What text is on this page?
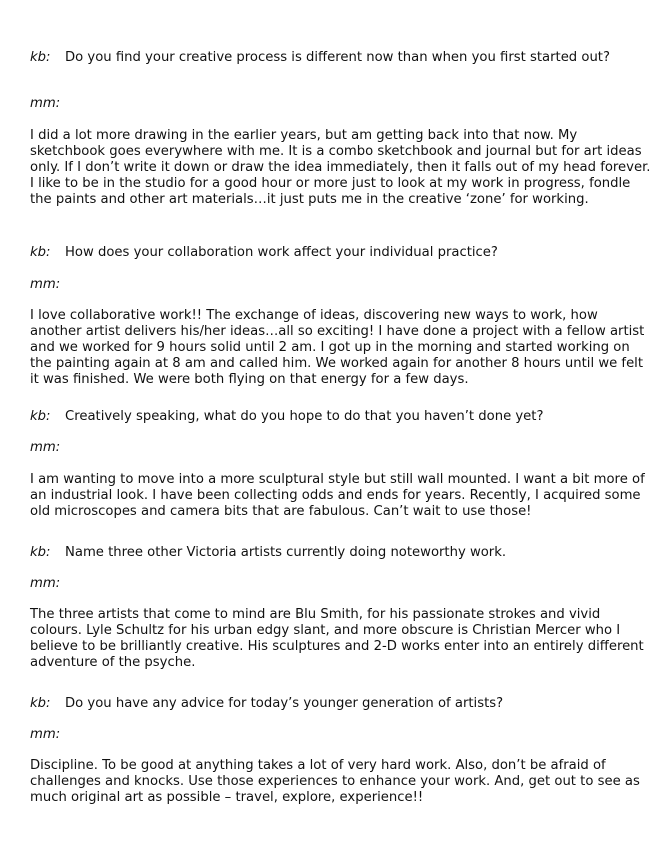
kb: Do you find your creative process is different now than when you first started out?
mm:
I did a lot more drawing in the earlier years, but am getting back into that now. My sketchbook goes everywhere with me. It is a combo sketchbook and journal but for art ideas only. If I don’t write it down or draw the idea immediately, then it falls out of my head forever. I like to be in the studio for a good hour or more just to look at my work in progress, fondle the paints and other art materials…it just puts me in the creative ‘zone’ for working.
kb: How does your collaboration work affect your individual practice?
mm:
I love collaborative work!! The exchange of ideas, discovering new ways to work, how another artist delivers his/her ideas…all so exciting! I have done a project with a fellow artist and we worked for 9 hours solid until 2 am. I got up in the morning and started working on the painting again at 8 am and called him. We worked again for another 8 hours until we felt it was finished. We were both flying on that energy for a few days.
kb: Creatively speaking, what do you hope to do that you haven’t done yet?
mm:
I am wanting to move into a more sculptural style but still wall mounted. I want a bit more of an industrial look. I have been collecting odds and ends for years. Recently, I acquired some old microscopes and camera bits that are fabulous. Can’t wait to use those!
kb: Name three other Victoria artists currently doing noteworthy work.
mm:
The three artists that come to mind are Blu Smith, for his passionate strokes and vivid colours. Lyle Schultz for his urban edgy slant, and more obscure is Christian Mercer who I believe to be brilliantly creative. His sculptures and 2-D works enter into an entirely different adventure of the psyche.
kb: Do you have any advice for today’s younger generation of artists?
mm:
Discipline. To be good at anything takes a lot of very hard work. Also, don’t be afraid of challenges and knocks. Use those experiences to enhance your work. And, get out to see as much original art as possible – travel, explore, experience!!
